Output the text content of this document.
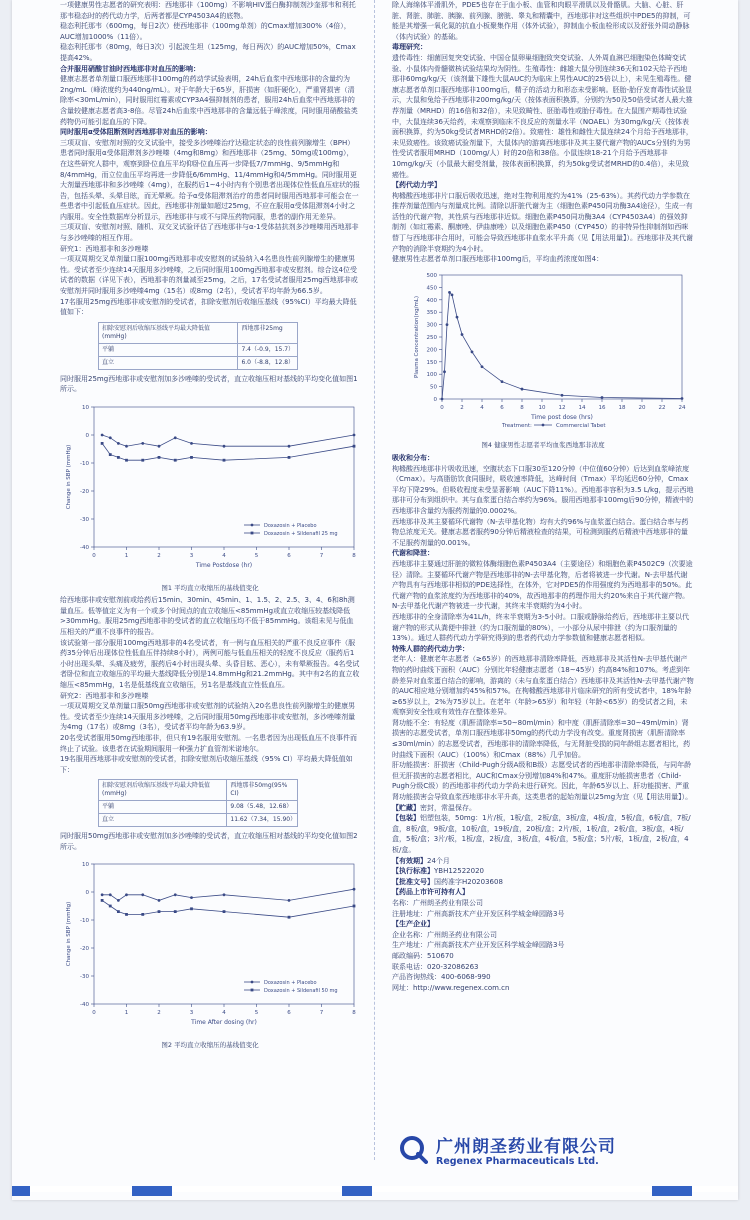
一项健康男性志愿者的研究表明：西地那非（100mg）不影响HIV蛋白酶抑制剂沙奎那韦和利托那韦稳态时的药代动力学，后两者都是CYP4503A4的底物。

稳态利托那韦（600mg，每日2次）使西地那非（100mg单剂）的Cmax增加300%（4倍），AUC增加1000%（11倍）。

稳态利托那韦（80mg，每日3次）引起波生坦（125mg，每日两次）的AUC增加50%，Cmax提高42%。

合并服用硝酸甘油时西地那非对血压的影响：

健康志愿者单剂量口服西地那非100mg的药动学试验表明，24h后血浆中西地那非的含量约为2ng/mL（峰浓度约为440ng/mL）。对于年龄大于65岁，肝损害（如肝硬化），严重肾损害（清除率<30mL/min），同时服用红霉素或CYP3A4强抑制剂的患者，服用24h后血浆中西地那非的含量较健康志愿者高3-8倍。尽管24h后血浆中西地那非的含量远低于峰浓度，同时服用硝酸盐类药物仍可能引起血压的下降。

同时服用α受体阻断剂时西地那非对血压的影响：

三项双盲、安慰剂对照的交叉试验中，接受多沙唑嗪治疗达稳定状态的良性前列腺增生（BPH）患者同时服用α受体阻滞剂多沙唑嗪（4mg和8mg）和西地那非（25mg、50mg或100mg），在这些研究人群中，观察到卧位血压平均仰卧位血压再一步降低7/7mmHg、9/5mmHg和8/4mmHg，而立位血压平均再进一步降低6/6mmHg、11/4mmHg和4/5mmHg。同时服用更大剂量西地那非和多沙唑嗪（4mg），在服药后1~4小时内有个别患者出现体位性低血压症状的报告，包括头晕、头晕目眩，而无晕厥。给予α受体阻滞剂治疗的患者同时服用西地那非可能会在一些患者中引起低血压症状。因此，西地那非剂量如超过25mg，不应在服用α受体阻滞剂4小时之内服用。安全性数据库分析显示，西地那非与或不与降压药物同服，患者的副作用无差异。

三项双盲、安慰剂对照、随机、双交叉试验评估了西地那非与α-1受体拮抗剂多沙唑嗪用西地那非与多沙唑嗪的相互作用。

研究1：西地那非和多沙唑嗪

一项双周期交叉单剂量口服100mg西地那非或安慰剂的试验纳入4名患良性前列腺增生的健康男性。受试者至少连续14天服用多沙唑嗪，之后同时服用100mg西地那非或安慰剂。综合这4位受试者的数据（详见下表），西地那非的剂量减至25mg，之后，17名受试者服用25mg西地那非或安慰剂并同时服用多沙唑嗪4mg（15名）或8mg（2名），受试者平均年龄为66.5岁。

17名服用25mg西地那非或安慰剂的受试者，扣除安慰剂后收缩压基线（95%CI）平均最大降低值如下：

扣除安慰剂后收缩压基线平均最大降低值(mmHg)	西地那非25mg
平躺	7.4（-0.9，15.7）
直立	6.0（-8.8，12.8）

同时服用25mg西地那非或安慰剂加多沙唑嗪的受试者，直立收缩压相对基线的平均变化值如图1所示。

0	1	2	3	4	5	6	7	8
10
0
-10
-20
-30
-40
Time Postdose (hr)
Change in SBP (mmHg)
Doxazosin + Placebo
Doxazosin + Sildenafil 25 mg
图1 平均直立收缩压的基线值变化

给西地那非或安慰剂前或给药后15min、30min、45min、1、1.5、2、2.5、3、4、6和8h测量血压。低等值定义为有一个或多个时间点的直立收缩压<85mmHg或直立收缩压较基线降低>30mmHg。服用25mg西地那非的受试者的直立收缩压均不低于85mmHg。该组未见与低血压相关的严重不良事件的报告。

该试验第一部分服用100mg西地那非的4名受试者，有一例与血压相关的严重不良反应事件（服药35分钟后出现体位性低血压伴持续8小时），两例可能与低血压相关的轻度不良反应（服药后1小时出现头晕、头痛及疲劳，服药后4小时出现头晕、头昏目眩、恶心），未有晕厥报告。4名受试者卧位和直立收缩压的平均最大基线降低分别是14.8mmHg和21.2mmHg。其中有2名的直立收缩压<85mmHg，1名是低基线直立收缩压，另1名是基线直立性低血压。

研究2：西地那非和多沙唑嗪

一项双周期交叉单剂量口服50mg西地那非或安慰剂的试验纳入20名患良性前列腺增生的健康男性。受试者至少连续14天服用多沙唑嗪，之后同时服用50mg西地那非或安慰剂，多沙唑嗪剂量为4mg（17名）或8mg（3名），受试者平均年龄为63.9岁。

20名受试者服用50mg西地那非，但只有19名服用安慰剂。一名患者因为出现低血压不良事件而终止了试验。该患者在试验期间服用一种强力扩血管剂米诺地尔。

19名服用西地那非或安慰剂的受试者，扣除安慰剂后收缩压基线（95% CI）平均最大降低值如下：

扣除安慰剂后收缩压基线平均最大降低值(mmHg)	西地那非50mg(95% CI)
平躺	9.08（5.48，12.68）
直立	11.62（7.34，15.90）

同时服用50mg西地那非或安慰剂加多沙唑嗪的受试者，直立收缩压相对基线的平均变化值如图2所示。

0	1	2	3	4	5	6	7	8
10
0
-10
-20
-30
-40
Time After dosing (hr)
Change in SBP (mmHg)
Doxazosin + Placebo
Doxazosin + Sildenafil 50 mg
图2 平均直立收缩压的基线值变化

除人海绵体平滑肌外，PDE5也存在于血小板、血管和肉眼平滑肌以及骨骼肌。大脑、心脏、肝脏、肾脏、肺脏、胰腺、前列腺、膀胱、睾丸和精囊中，西地那非对这些组织中PDE5的抑制，可能是其增强一氧化氮的抗血小板聚集作用（体外试验），抑制血小板血栓形成以及舒张外周动静脉（体内试验）的基础。

毒理研究：

遗传毒性：细菌回复突变试验、中国仓鼠卵巢细胞致突变试验、人外周血淋巴细胞染色体畸变试验、小鼠体内骨髓微核试验结果均为阴性。生殖毒性：雌雄大鼠分别连续36天和102天给予西地那非60mg/kg/天（该剂量下雄性大鼠AUC约为临床上男性AUC的25倍以上），未见生殖毒性。健康志愿者单剂口服西地那非100mg后，精子的活动力和形态未受影响。胚胎-胎仔发育毒性试验显示，大鼠和兔给予西地那非200mg/kg/天（按体表面积换算，分别约为50及50倍受试者人最大推荐剂量（MRHD）的16倍和32倍），未见致畸性、胚胎毒性或胎仔毒性。在大鼠围产期毒性试验中，大鼠连续36天给药，未观察到临床不良反应的剂量水平（NOAEL）为30mg/kg/天（按体表面积换算，约为50kg受试者MRHD的2倍）。致癌性：雄性和雌性大鼠连续24个月给予西地那非，未见致癌性。该致癌试验剂量下，大鼠体内的游离西地那非及其主要代谢产物的AUCs分别约为男性受试者服用MRHD（100mg/人）时的20倍和38倍。小鼠连续18-21个月给予西地那非10mg/kg/天（小鼠最大耐受剂量，按体表面积换算，约为50kg受试者MRHD的0.4倍），未见致癌性。

【药代动力学】

枸橼酸西地那非片口服后吸收迅速，绝对生物利用度约为41%（25-63%）。其药代动力学参数在推荐剂量范围内与剂量成比例。清除以肝脏代谢为主（细胞色素P450同功酶3A4途径），生成一有活性的代谢产物，其性质与西地那非近似。细胞色素P450同功酶3A4（CYP4503A4）的强效抑制剂（如红霉素、酮康唑、伊曲康唑）以及细胞色素P450（CYP450）的非特异性抑制剂如西咪替丁与西地那非合用时，可能会导致西地那非血浆水平升高（见【用法用量】）。西地那非及其代谢产物的消除半衰期约为4小时。

健康男性志愿者单剂口服西地那非100mg后，平均血药浓度如图4：

0	2	4	6	8	10 12 14 16 18 20 22 24
0
50
100
150
200
250
300
350
400
450
500
Time post dose (hrs)
Plasma Concentration(ng/mL)
Treatment:	Commercial Tabet
图4 健康男性志愿者平均血浆西地那非浓度

吸收和分布：

枸橼酸西地那非片吸收迅速，空腹状态下口服30至120分钟（中位值60分钟）后达到血浆峰浓度（Cmax）。与高脂肪饮食同服时，吸收速率降低，达峰时间（Tmax）平均延迟60分钟，Cmax平均下降29%。但吸收程度未受显著影响（AUC下降11%）。西地那非容积为3.5 L/kg，提示西地那非可分布到组织中。其与血浆蛋白结合率约为96%。服用西地那非100mg后90分钟，精液中的西地那非含量约为服药剂量的0.0002%。

西地那非及其主要循环代谢物（N-去甲基化物）均有大约96%与血浆蛋白结合。蛋白结合率与药物总浓度无关。健康志愿者服药90分钟后精液检查的结果，可检测到服药后精液中西地那非的量不足服药剂量的0.001%。

代谢和降泄：

西地那非主要通过肝脏的微粒体酶细胞色素P4503A4（主要途径）和细胞色素P4502C9（次要途径）清除。主要循环代谢产物是西地那非的N-去甲基化物，后者将被进一步代谢。N-去甲基代谢产物具有与西地那非相似的PDE选择性，在体外，它对PDE5的作用强度约为西地那非的50%。此代谢产物的血浆浓度约为西地那非的40%，故西地那非的药理作用大约20%来自于其代谢产物。N-去甲基化代谢产物被进一步代谢，其终末半衰期约为4小时。

西地那非的全身清除率为41L/h，终末半衰期为3-5小时。口服或静脉给药后，西地那非主要以代谢产物的形式从粪便中排泄（约为口服剂量的80%），一小部分从尿中排泄（约为口服剂量的13%）。通过人群药代动力学研究得到的患者药代动力学参数值和健康志愿者相似。

特殊人群的药代动力学：

老年人：健康老年志愿者（≥65岁）的西地那非清除率降低，西地那非及其活性N-去甲基代谢产物的药时曲线下面积（AUC）分别比年轻健康志愿者（18~45岁）约高84%和107%。考虑到年龄差异对血浆蛋白结合的影响，游离的（未与血浆蛋白结合）西地那非及其活性N-去甲基代谢产物的AUC相应地分别增加约45%和57%。在枸橼酸西地那非片临床研究的所有受试者中，18%年龄≥65岁以上，2%为75岁以上。在老年（年龄>65岁）和年轻（年龄<65岁）的受试者之间，未观察到安全性或有效性存在整体差异。

肾功能不全：有轻度（肌酐清除率=50~80ml/min）和中度（肌酐清除率=30~49ml/min）肾损害的志愿受试者，单剂口服西地那非50mg的药代动力学没有改变。重度肾损害（肌酐清除率≤30ml/min）的志愿受试者，西地那非的清除率降低，与无肾脏受损的同年龄组志愿者相比，药时曲线下面积（AUC）（100%）和Cmax（88%）几乎加倍。

肝功能损害：肝损害（Child-Pugh分级A级和B级）志愿受试者的西地那非清除率降低，与同年龄但无肝损害的志愿者相比，AUC和Cmax分别增加84%和47%。重度肝功能损害患者（Child-Pugh分级C级）的西地那非药代动力学尚未进行研究。因此，年龄65岁以上、肝功能损害、严重肾功能损害会导致血浆西地那非水平升高，这类患者的起始剂量以25mg为宜（见【用法用量】）。

【贮藏】密封，常温保存。

【包装】铝塑包装，50mg：1片/板，1板/盒，2板/盒，3板/盒，4板/盒，5板/盒，6板/盒，7板/盒，8板/盒，9板/盒，10板/盒，19板/盒，20板/盒；2片/板，1板/盒，2板/盒，3板/盒，4板/盒，5板/盒；3片/板，1板/盒，2板/盒，3板/盒，4板/盒，5板/盒；5片/板，1板/盒，2板/盒，4板/盒。

【有效期】24个月

【执行标准】YBH12522020

【批准文号】国药准字H20203608

【药品上市许可持有人】

名称：广州朗圣药业有限公司

注册地址：广州高新技术产业开发区科学城金峰园路3号

【生产企业】

企业名称：广州朗圣药业有限公司

生产地址：广州高新技术产业开发区科学城金峰园路3号

邮政编码：510670

联系电话：020-32086263

产品咨询热线：400-6068-990

网址：http://www.regenex.com.cn

广州朗圣药业有限公司
Regenex Pharmaceuticals Ltd.
